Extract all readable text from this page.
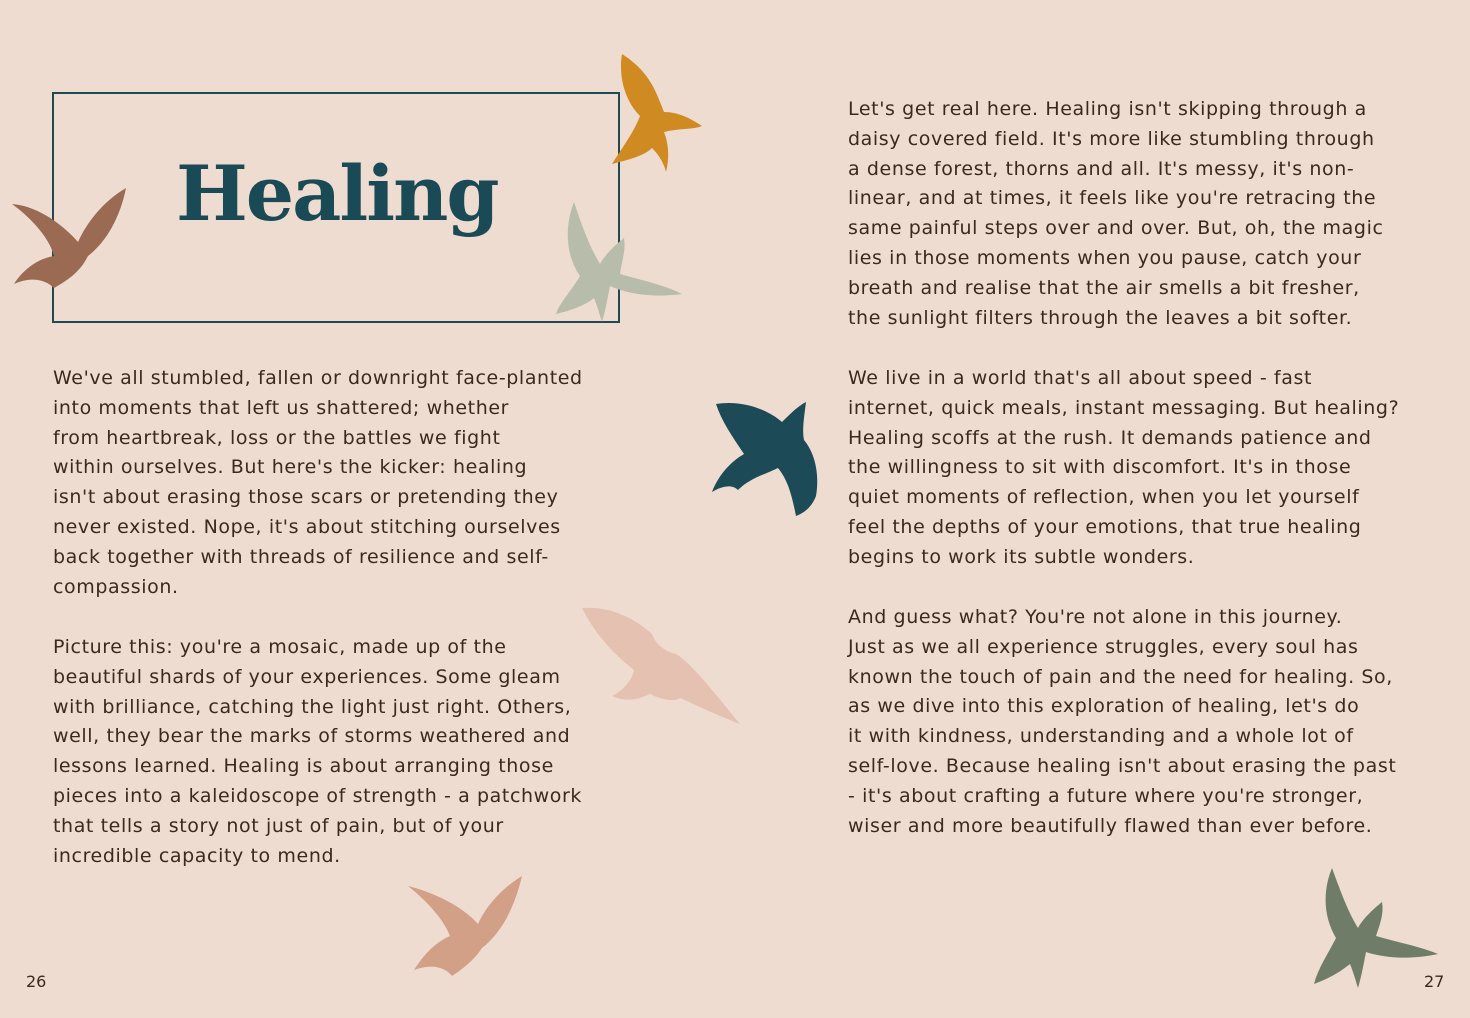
Healing

We've all stumbled, fallen or downright face-planted
into moments that left us shattered; whether
from heartbreak, loss or the battles we fight
within ourselves. But here's the kicker: healing
isn't about erasing those scars or pretending they
never existed. Nope, it's about stitching ourselves
back together with threads of resilience and self-
compassion.

Picture this: you're a mosaic, made up of the
beautiful shards of your experiences. Some gleam
with brilliance, catching the light just right. Others,
well, they bear the marks of storms weathered and
lessons learned. Healing is about arranging those
pieces into a kaleidoscope of strength - a patchwork
that tells a story not just of pain, but of your
incredible capacity to mend.

26

Let's get real here. Healing isn't skipping through a
daisy covered field. It's more like stumbling through
a dense forest, thorns and all. It's messy, it's non-
linear, and at times, it feels like you're retracing the
same painful steps over and over. But, oh, the magic
lies in those moments when you pause, catch your
breath and realise that the air smells a bit fresher,
the sunlight filters through the leaves a bit softer.

We live in a world that's all about speed - fast
internet, quick meals, instant messaging. But healing?
Healing scoffs at the rush. It demands patience and
the willingness to sit with discomfort. It's in those
quiet moments of reflection, when you let yourself
feel the depths of your emotions, that true healing
begins to work its subtle wonders.

And guess what? You're not alone in this journey.
Just as we all experience struggles, every soul has
known the touch of pain and the need for healing. So,
as we dive into this exploration of healing, let's do
it with kindness, understanding and a whole lot of
self-love. Because healing isn't about erasing the past
- it's about crafting a future where you're stronger,
wiser and more beautifully flawed than ever before.

27
